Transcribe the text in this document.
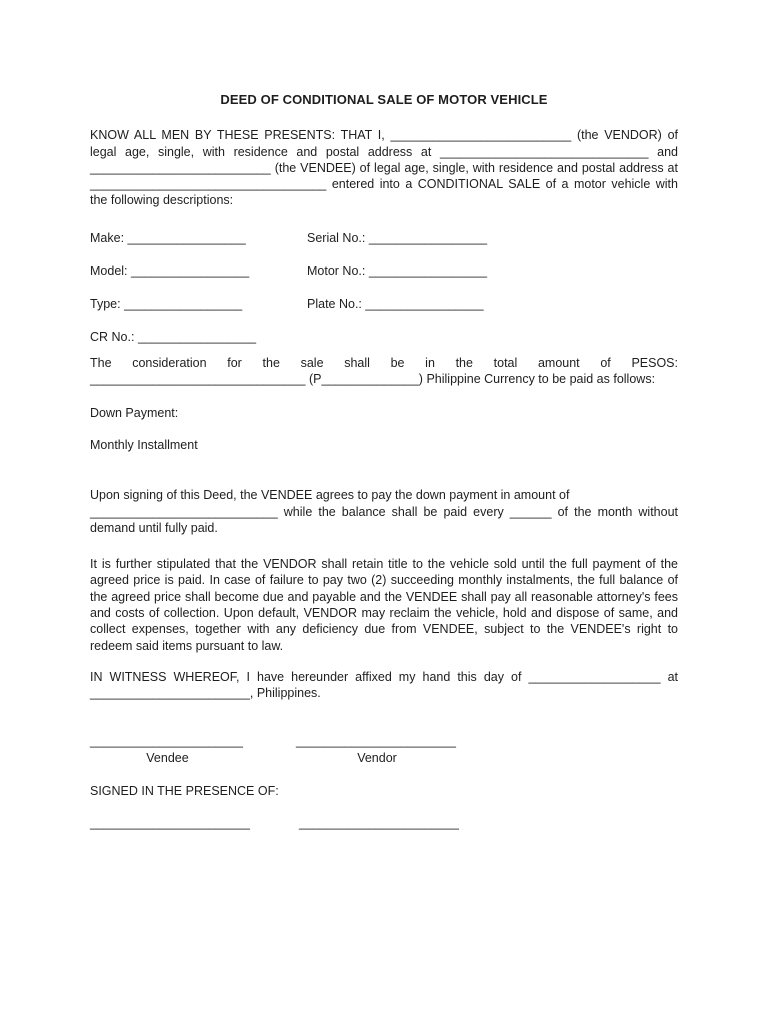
DEED OF CONDITIONAL SALE OF MOTOR VEHICLE

KNOW ALL MEN BY THESE PRESENTS: THAT I, __________________________ (the VENDOR) of legal age, single, with residence and postal address at ______________________________ and __________________________ (the VENDEE) of legal age, single, with residence and postal address at __________________________________ entered into a CONDITIONAL SALE of a motor vehicle with the following descriptions:

Make: _________________	Serial No.: _________________
Model: _________________	Motor No.: _________________
Type: _________________	Plate No.: _________________
CR No.: _________________

The consideration for the sale shall be in the total amount of PESOS: _______________________________ (P______________) Philippine Currency to be paid as follows:

Down Payment:
Monthly Installment
Upon signing of this Deed, the VENDEE agrees to pay the down payment in amount of
___________________________ while the balance shall be paid every ______ of the month without demand until fully paid.

It is further stipulated that the VENDOR shall retain title to the vehicle sold until the full payment of the agreed price is paid. In case of failure to pay two (2) succeeding monthly instalments, the full balance of the agreed price shall become due and payable and the VENDEE shall pay all reasonable attorney's fees and costs of collection. Upon default, VENDOR may reclaim the vehicle, hold and dispose of same, and collect expenses, together with any deficiency due from VENDEE, subject to the VENDEE's right to redeem said items pursuant to law.

IN WITNESS WHEREOF, I have hereunder affixed my hand this day of ___________________ at _______________________, Philippines.

______________________
Vendee
_______________________
Vendor
SIGNED IN THE PRESENCE OF:
_______________________	_______________________
